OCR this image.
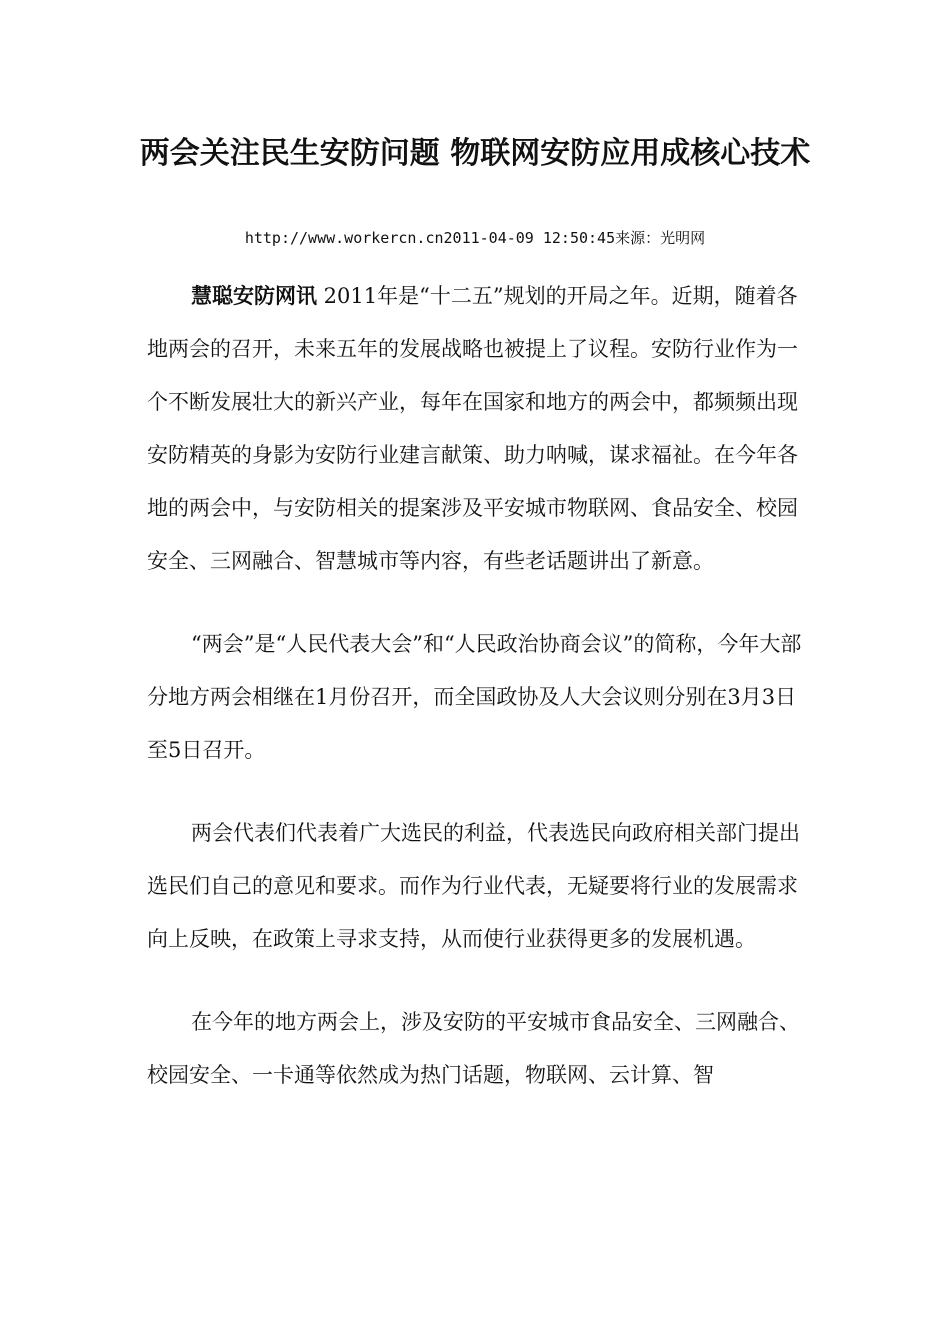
两会关注民生安防问题 物联网安防应用成核心技术
http://www.workercn.cn2011-04-09 12:50:45来源：光明网

慧聪安防网讯 2011年是“十二五”规划的开局之年。近期，随着各地两会的召开，未来五年的发展战略也被提上了议程。安防行业作为一个不断发展壮大的新兴产业，每年在国家和地方的两会中，都频频出现安防精英的身影为安防行业建言献策、助力呐喊，谋求福祉。在今年各地的两会中，与安防相关的提案涉及平安城市物联网、食品安全、校园安全、三网融合、智慧城市等内容，有些老话题讲出了新意。

“两会”是“人民代表大会”和“人民政治协商会议”的简称，今年大部分地方两会相继在1月份召开，而全国政协及人大会议则分别在3月3日至5日召开。

两会代表们代表着广大选民的利益，代表选民向政府相关部门提出选民们自己的意见和要求。而作为行业代表，无疑要将行业的发展需求向上反映，在政策上寻求支持，从而使行业获得更多的发展机遇。

在今年的地方两会上，涉及安防的平安城市食品安全、三网融合、校园安全、一卡通等依然成为热门话题，物联网、云计算、智
